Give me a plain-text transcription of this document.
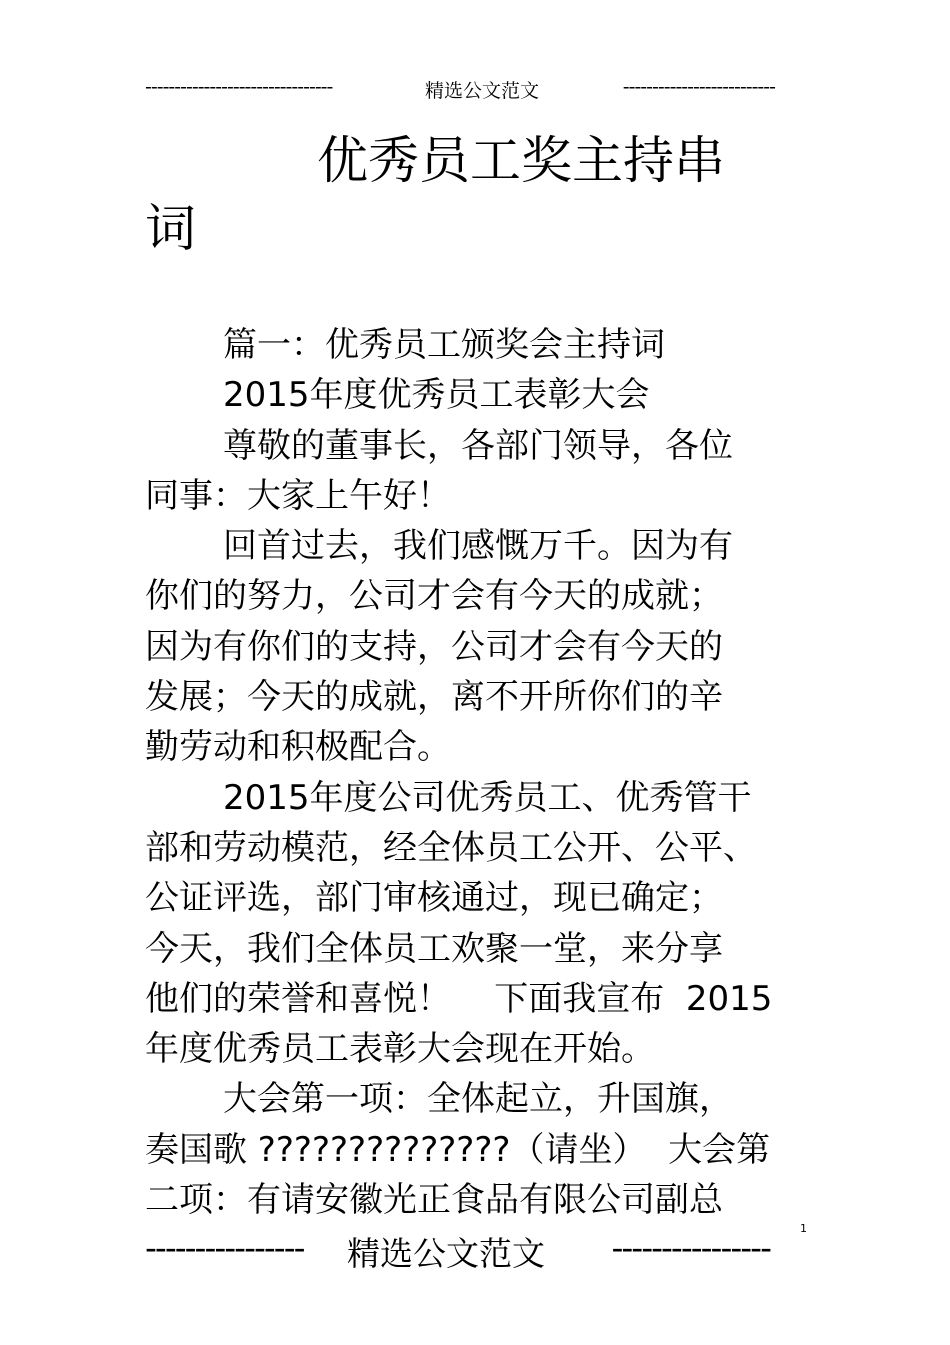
--------------------------------	精选公文范文	--------------------------
优秀员工奖主持串
词
篇一：优秀员工颁奖会主持词
2015年度优秀员工表彰大会
尊敬的董事长，各部门领导，各位
同事：大家上午好！
回首过去，我们感慨万千。因为有
你们的努力，公司才会有今天的成就；
因为有你们的支持，公司才会有今天的
发展；今天的成就，离不开所你们的辛
勤劳动和积极配合。
2015年度公司优秀员工、优秀管干
部和劳动模范，经全体员工公开、公平、
公证评选，部门审核通过，现已确定；
今天，我们全体员工欢聚一堂，来分享
他们的荣誉和喜悦！    下面我宣布  2015
年度优秀员工表彰大会现在开始。
大会第一项：全体起立，升国旗，
奏国歌 ??????????????（请坐）  大会第
二项：有请安徽光正食品有限公司副总
1
---------------- 精选公文范文 ----------------
